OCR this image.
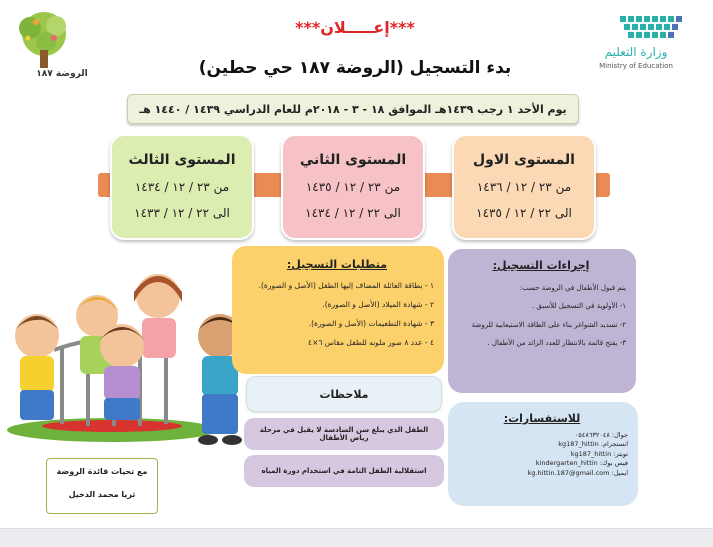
وزارة التعليم
Ministry of Education
الروضة ١٨٧
***إعـــــلان***
بدء التسجيل (الروضة ١٨٧ حي حطين)
يوم الأحد ١ رجب ١٤٣٩هـ الموافق ١٨ - ٣ - ٢٠١٨م للعام الدراسي ١٤٣٩ / ١٤٤٠ هـ
المستوى الاول
من ٢٣ / ١٢ / ١٤٣٦
الى ٢٢ / ١٢ / ١٤٣٥
المستوى الثاني
من ٢٣ / ١٢ / ١٤٣٥
الى ٢٢ / ١٢ / ١٤٣٤
المستوى الثالث
من ٢٣ / ١٢ / ١٤٣٤
الى ٢٢ / ١٢ / ١٤٣٣
متطلبات التسجيل:
١ - بطاقة العائلة المضاف إليها الطفل (الأصل و الصورة).
٢ - شهادة الميلاد (الأصل و الصورة).
٣ - شهادة التطعيمات (الأصل و الصورة).
٤ - عدد ٨ صور ملونه للطفل مقاس ٦×٤
إجراءات التسجيل:

يتم قبول الأطفال في الروضة حسب:

١- الأولوية في التسجيل للأسبق .

٢- تسديد الشواغر بناء على الطاقة الاستيعابية للروضة

٣- يفتح قائمة بالانتظار للعدد الزائد من الأطفال .

ملاحظات
الطفل الذي يبلغ سن السادسة لا يقبل في مرحلة رياض الأطفال
استقلالية الطفل التامة في استخدام دورة المياه
للاستفسارات:

جوال: ٠٥٤٨٦٣٢٠٤٨

انستجرام: kg187_hittin

تويتر: kg187_hittin

فيس بوك: kindergarten_hittin

ايميل: kg.hittin.187@gmail.com

مع تحيات قائدة الروضة
ثريا محمد الدخيل
